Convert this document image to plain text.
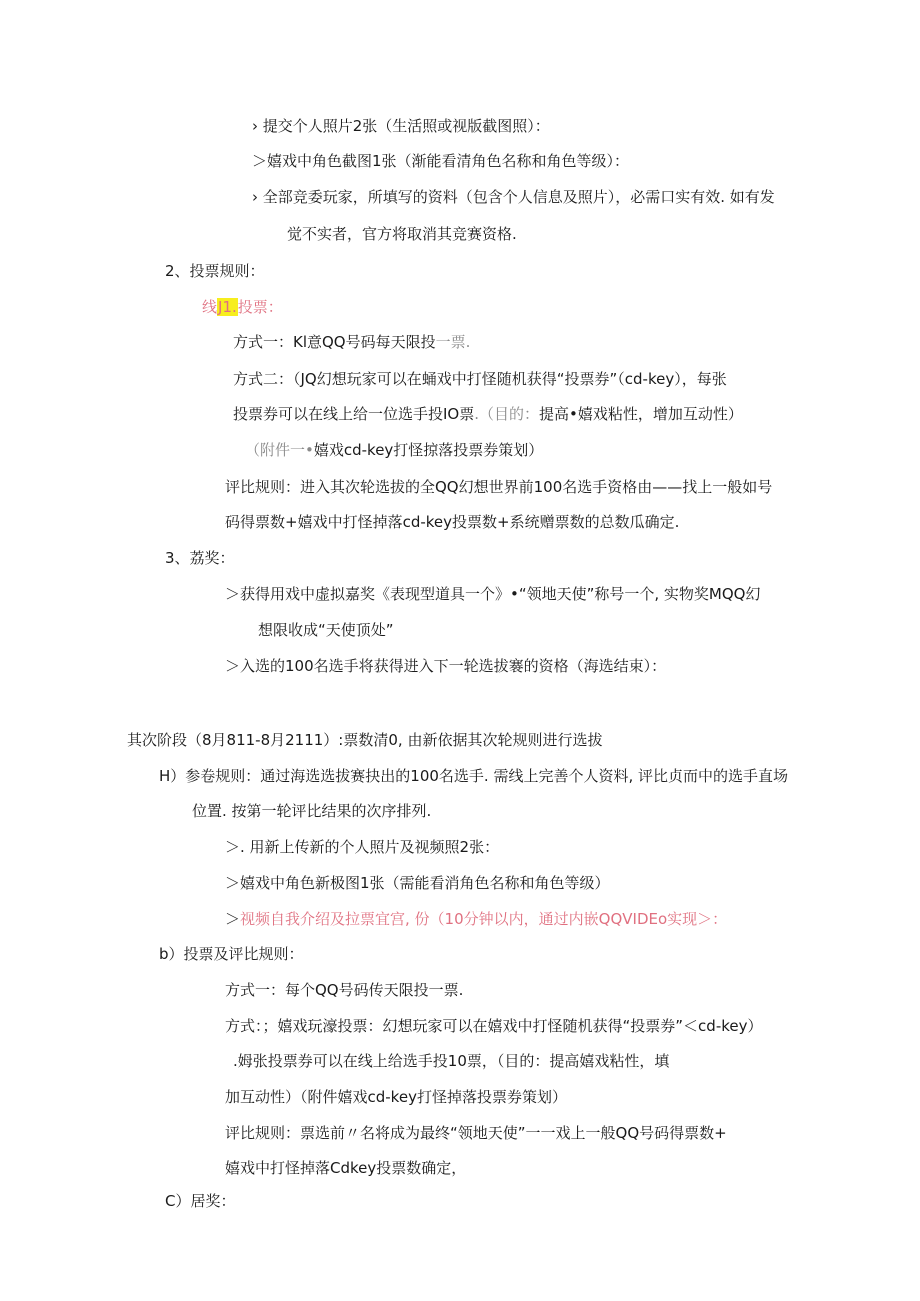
› 提交个人照片2张（生活照或视版截图照）：
＞嬉戏中角色截图1张（渐能看清角色名称和角色等级）：
› 全部竞委玩家，所填写的资料（包含个人信息及照片），必需口实有效. 如有发
觉不实者，官方将取消其竞赛资格.
2、投票规则：
线J1.投票：
方式一：Kl意QQ号码每天限投一票.
方式二：（JQ幻想玩家可以在蛹戏中打怪随机获得“投票券”（cd-key），每张
投票券可以在线上给一位选手投IO票.（目的：提高•嬉戏粘性，增加互动性）
（附件一•嬉戏cd-key打怪掠落投票券策划）
评比规则：进入其次轮选拔的全QQ幻想世界前100名选手资格由——找上一般如号
码得票数+嬉戏中打怪掉落cd-key投票数+系统赠票数的总数瓜确定.
3、荔奖：
＞获得用戏中虚拟嘉奖《表现型道具一个》•“领地天使”称号一个, 实物奖MQQ幻
想限收成“天使顶处”
＞入选的100名选手将获得进入下一轮选拔褰的资格（海选结束）：
其次阶段（8月811-8月2111）:票数清0, 由新依据其次轮规则进行选拔
H）参卷规则：通过海选选拔赛抉出的100名选手. 需线上完善个人资料, 评比贞而中的选手直场
位置. 按第一轮评比结果的次序排列.
＞. 用新上传新的个人照片及视频照2张：
＞嬉戏中角色新极图1张（需能看消角色名称和角色等级）
＞视频自我介绍及拉票宜宫, 份（10分钟以内，通过内嵌QQVIDEo实现＞：
b）投票及评比规则：
方式一：每个QQ号码传天限投一票.
方式：；嬉戏玩濠投票：幻想玩家可以在嬉戏中打怪随机获得“投票券”＜cd-key）
.姆张投票券可以在线上给选手投10票，（目的：提高嬉戏粘性，填
加互动性）（附件嬉戏cd-key打怪掉落投票券策划）
评比规则：票选前〃名将成为最终“领地天使”一一戏上一般QQ号码得票数+
嬉戏中打怪掉落Cdkey投票数确定，
C）居奖：
